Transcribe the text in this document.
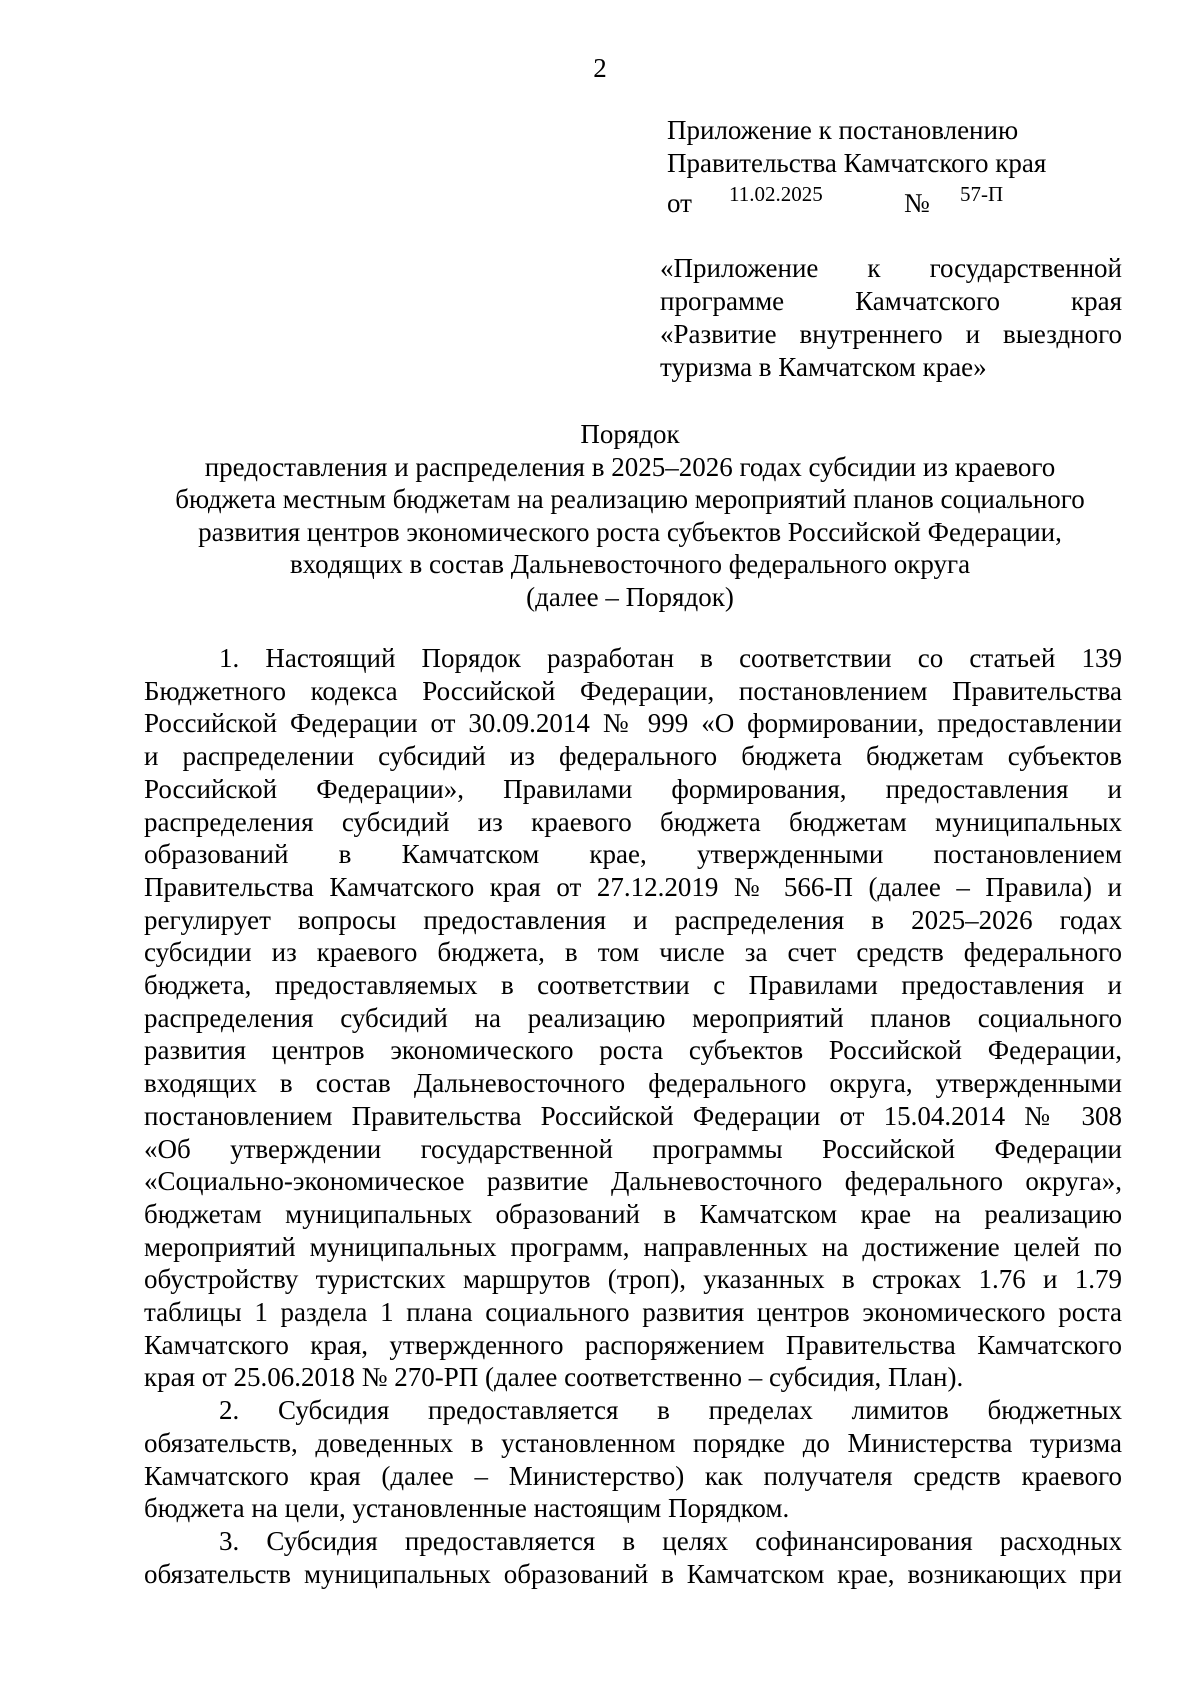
2
Приложение к постановлению
Правительства Камчатского края
от 11.02.2025	№ 57-П
«Приложение к государственной
программе Камчатского края
«Развитие внутреннего и выездного
туризма в Камчатском крае»
Порядок
предоставления и распределения в 2025–2026 годах субсидии из краевого
бюджета местным бюджетам на реализацию мероприятий планов социального
развития центров экономического роста субъектов Российской Федерации,
входящих в состав Дальневосточного федерального округа
(далее – Порядок)
1. Настоящий Порядок разработан в соответствии со статьей 139
Бюджетного кодекса Российской Федерации, постановлением Правительства
Российской Федерации от 30.09.2014 № 999 «О формировании, предоставлении
и распределении субсидий из федерального бюджета бюджетам субъектов
Российской Федерации», Правилами формирования, предоставления и
распределения субсидий из краевого бюджета бюджетам муниципальных
образований в Камчатском крае, утвержденными постановлением
Правительства Камчатского края от 27.12.2019 № 566-П (далее – Правила) и
регулирует вопросы предоставления и распределения в 2025–2026 годах
субсидии из краевого бюджета, в том числе за счет средств федерального
бюджета, предоставляемых в соответствии с Правилами предоставления и
распределения субсидий на реализацию мероприятий планов социального
развития центров экономического роста субъектов Российской Федерации,
входящих в состав Дальневосточного федерального округа, утвержденными
постановлением Правительства Российской Федерации от 15.04.2014 № 308
«Об утверждении государственной программы Российской Федерации
«Социально-экономическое развитие Дальневосточного федерального округа»,
бюджетам муниципальных образований в Камчатском крае на реализацию
мероприятий муниципальных программ, направленных на достижение целей по
обустройству туристских маршрутов (троп), указанных в строках 1.76 и 1.79
таблицы 1 раздела 1 плана социального развития центров экономического роста
Камчатского края, утвержденного распоряжением Правительства Камчатского
края от 25.06.2018 № 270-РП (далее соответственно – субсидия, План).
2. Субсидия предоставляется в пределах лимитов бюджетных
обязательств, доведенных в установленном порядке до Министерства туризма
Камчатского края (далее – Министерство) как получателя средств краевого
бюджета на цели, установленные настоящим Порядком.
3. Субсидия предоставляется в целях софинансирования расходных
обязательств муниципальных образований в Камчатском крае, возникающих при
